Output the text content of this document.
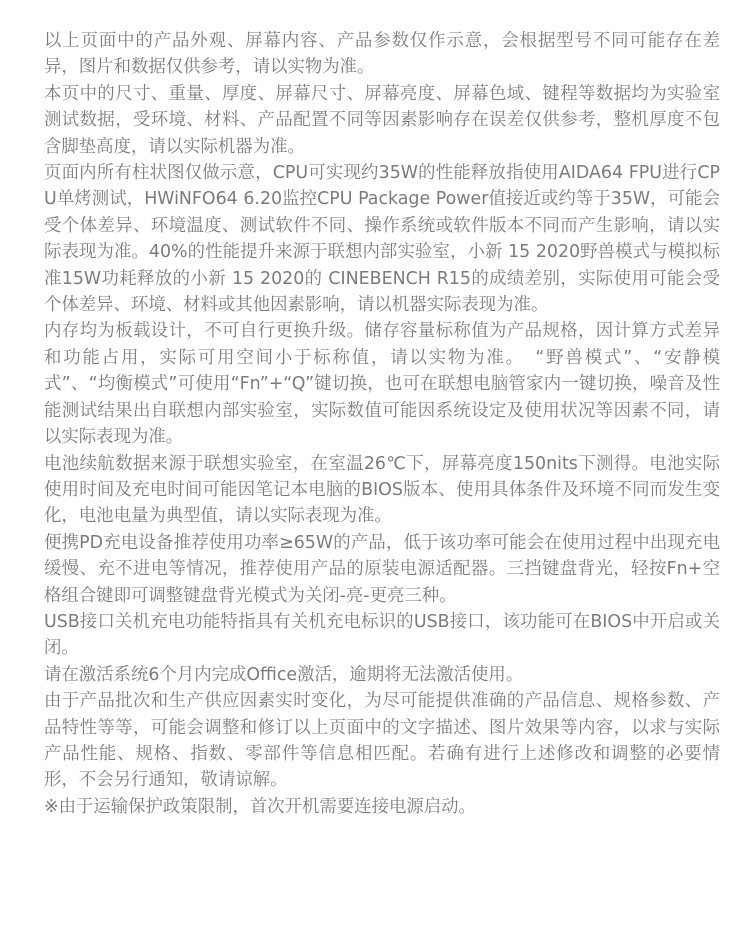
以上页面中的产品外观、屏幕内容、产品参数仅作示意，会根据型号不同可能存在差异，图片和数据仅供参考，请以实物为准。

本页中的尺寸、重量、厚度、屏幕尺寸、屏幕亮度、屏幕色域、键程等数据均为实验室测试数据，受环境、材料、产品配置不同等因素影响存在误差仅供参考，整机厚度不包含脚垫高度，请以实际机器为准。

页面内所有柱状图仅做示意，CPU可实现约35W的性能释放指使用AIDA64 FPU进行CPU单烤测试，HWiNFO64 6.20监控CPU Package Power值接近或约等于35W，可能会受个体差异、环境温度、测试软件不同、操作系统或软件版本不同而产生影响，请以实际表现为准。40%的性能提升来源于联想内部实验室，小新 15 2020野兽模式与模拟标准15W功耗释放的小新 15 2020的 CINEBENCH R15的成绩差别，实际使用可能会受个体差异、环境、材料或其他因素影响，请以机器实际表现为准。

内存均为板载设计，不可自行更换升级。储存容量标称值为产品规格，因计算方式差异和功能占用，实际可用空间小于标称值，请以实物为准。　“野兽模式”、“安静模式”、“均衡模式”可使用“Fn”+“Q”键切换，也可在联想电脑管家内一键切换，噪音及性能测试结果出自联想内部实验室，实际数值可能因系统设定及使用状况等因素不同，请以实际表现为准。

电池续航数据来源于联想实验室，在室温26℃下，屏幕亮度150nits下测得。电池实际使用时间及充电时间可能因笔记本电脑的BIOS版本、使用具体条件及环境不同而发生变化，电池电量为典型值，请以实际表现为准。

便携PD充电设备推荐使用功率≥65W的产品，低于该功率可能会在使用过程中出现充电缓慢、充不进电等情况，推荐使用产品的原装电源适配器。三挡键盘背光，轻按Fn+空格组合键即可调整键盘背光模式为关闭-亮-更亮三种。

USB接口关机充电功能特指具有关机充电标识的USB接口，该功能可在BIOS中开启或关闭。

请在激活系统6个月内完成Office激活，逾期将无法激活使用。

由于产品批次和生产供应因素实时变化，为尽可能提供准确的产品信息、规格参数、产品特性等等，可能会调整和修订以上页面中的文字描述、图片效果等内容，以求与实际产品性能、规格、指数、零部件等信息相匹配。若确有进行上述修改和调整的必要情形，不会另行通知，敬请谅解。

※由于运输保护政策限制，首次开机需要连接电源启动。
